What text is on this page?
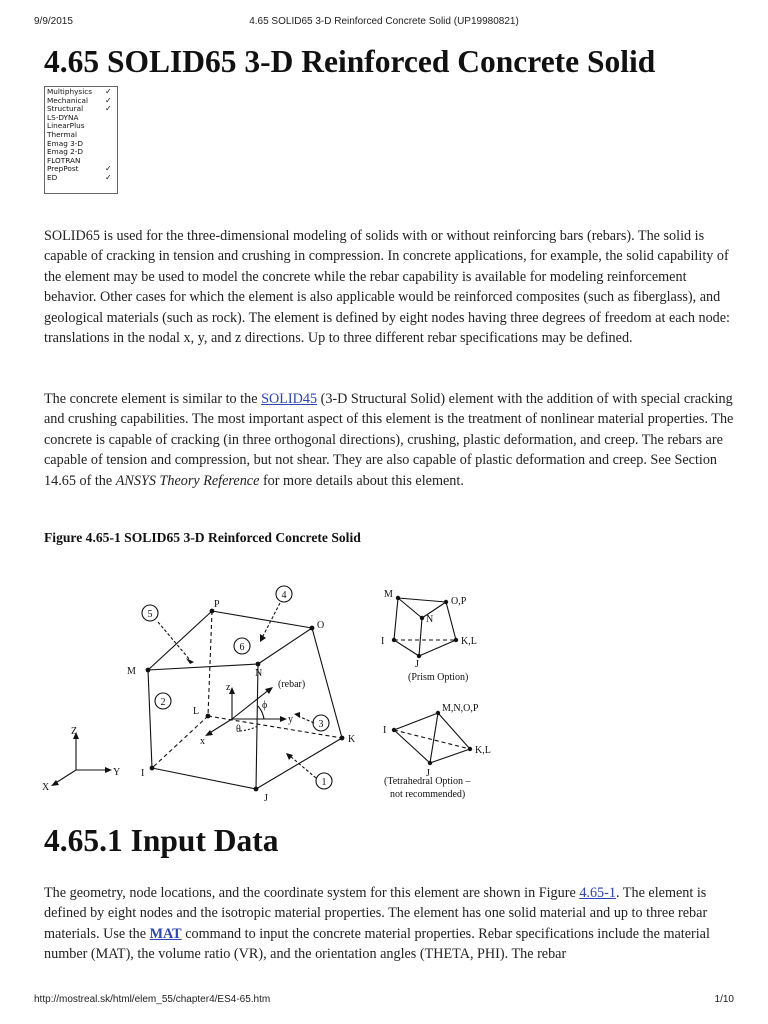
9/9/2015	4.65 SOLID65 3-D Reinforced Concrete Solid (UP19980821)
4.65 SOLID65 3-D Reinforced Concrete Solid
Multiphysics ✓
Mechanical ✓
Structural	✓
LS-DYNA
LinearPlus
Thermal
Emag 3-D
Emag 2-D
FLOTRAN
PrepPost	✓
ED	✓

SOLID65 is used for the three-dimensional modeling of solids with or without reinforcing bars (rebars). The solid is capable of cracking in tension and crushing in compression. In concrete applications, for example, the solid capability of the element may be used to model the concrete while the rebar capability is available for modeling reinforcement behavior. Other cases for which the element is also applicable would be reinforced composites (such as fiberglass), and geological materials (such as rock). The element is defined by eight nodes having three degrees of freedom at each node: translations in the nodal x, y, and z directions. Up to three different rebar specifications may be defined.

The concrete element is similar to the SOLID45 (3-D Structural Solid) element with the addition of with special cracking and crushing capabilities. The most important aspect of this element is the treatment of nonlinear material properties. The concrete is capable of cracking (in three orthogonal directions), crushing, plastic deformation, and creep. The rebars are capable of tension and compression, but not shear. They are also capable of plastic deformation and creep. See Section 14.65 of the ANSYS Theory Reference for more details about this element.

Figure 4.65-1 SOLID65 3-D Reinforced Concrete Solid

M	N
O
P
I
J
K
L
1
2
3
4
5
6
(rebar)
ϕ
θ
z
y
x
Z
Y
X
M
O,P
N
I	K,L
J
(Prism Option)
M,N,O,P
I
K,L
J
(Tetrahedral Option –
not recommended)
4.65.1 Input Data

The geometry, node locations, and the coordinate system for this element are shown in Figure 4.65-1. The element is defined by eight nodes and the isotropic material properties. The element has one solid material and up to three rebar materials. Use the MAT command to input the concrete material properties. Rebar specifications include the material number (MAT), the volume ratio (VR), and the orientation angles (THETA, PHI). The rebar

http://mostreal.sk/html/elem_55/chapter4/ES4-65.htm	1/10
